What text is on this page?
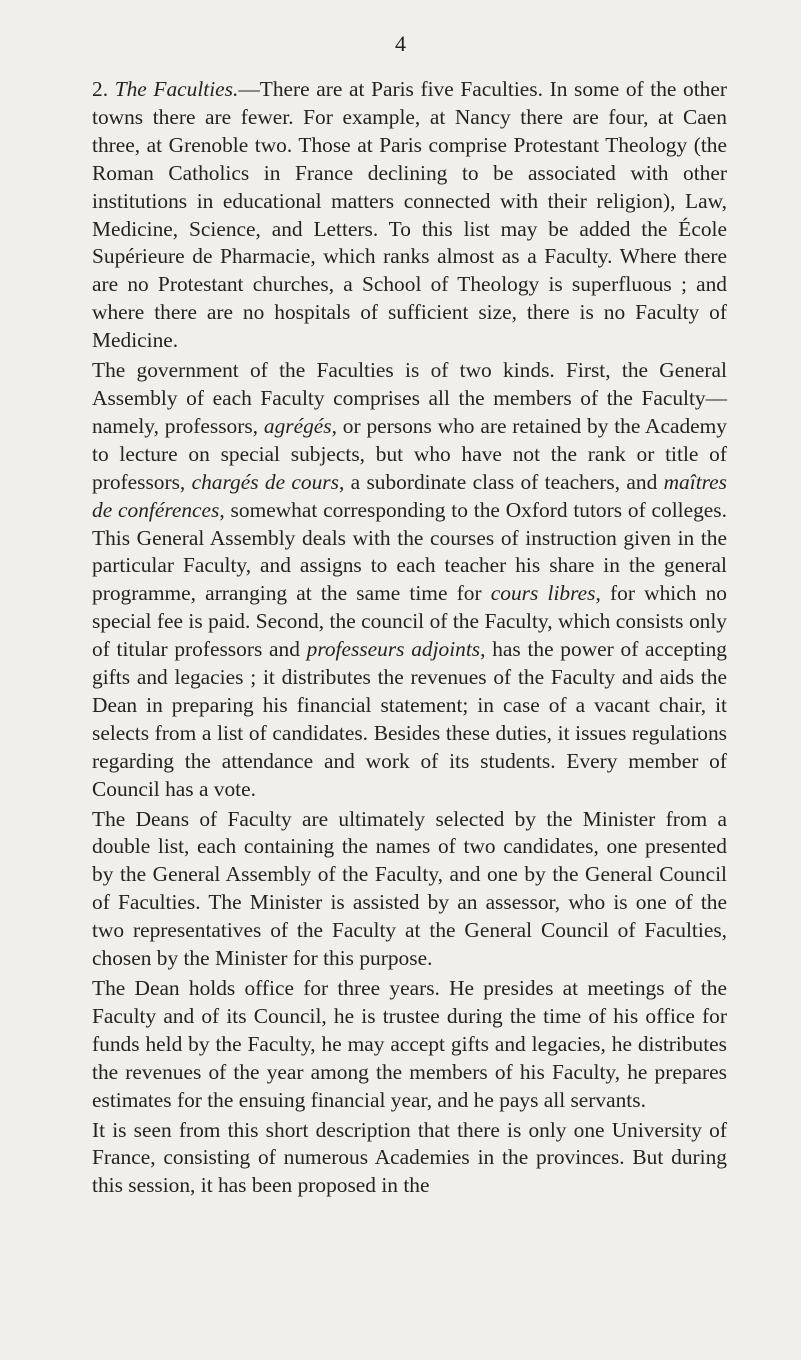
4

2. The Faculties.—There are at Paris five Faculties. In some of the other towns there are fewer. For example, at Nancy there are four, at Caen three, at Grenoble two. Those at Paris comprise Protestant Theology (the Roman Catholics in France declining to be associated with other institutions in educational matters connected with their religion), Law, Medicine, Science, and Letters. To this list may be added the École Supérieure de Pharmacie, which ranks almost as a Faculty. Where there are no Protestant churches, a School of Theology is superfluous ; and where there are no hospitals of sufficient size, there is no Faculty of Medicine.

The government of the Faculties is of two kinds. First, the General Assembly of each Faculty comprises all the members of the Faculty—namely, professors, agrégés, or persons who are retained by the Academy to lecture on special subjects, but who have not the rank or title of professors, chargés de cours, a subordinate class of teachers, and maîtres de conférences, somewhat corresponding to the Oxford tutors of colleges. This General Assembly deals with the courses of instruction given in the particular Faculty, and assigns to each teacher his share in the general programme, arranging at the same time for cours libres, for which no special fee is paid. Second, the council of the Faculty, which consists only of titular professors and professeurs adjoints, has the power of accepting gifts and legacies ; it distributes the revenues of the Faculty and aids the Dean in preparing his financial statement; in case of a vacant chair, it selects from a list of candidates. Besides these duties, it issues regulations regarding the attendance and work of its students. Every member of Council has a vote.

The Deans of Faculty are ultimately selected by the Minister from a double list, each containing the names of two candidates, one presented by the General Assembly of the Faculty, and one by the General Council of Faculties. The Minister is assisted by an assessor, who is one of the two representatives of the Faculty at the General Council of Faculties, chosen by the Minister for this purpose.

The Dean holds office for three years. He presides at meetings of the Faculty and of its Council, he is trustee during the time of his office for funds held by the Faculty, he may accept gifts and legacies, he distributes the revenues of the year among the members of his Faculty, he prepares estimates for the ensuing financial year, and he pays all servants.

It is seen from this short description that there is only one University of France, consisting of numerous Academies in the provinces. But during this session, it has been proposed in the
